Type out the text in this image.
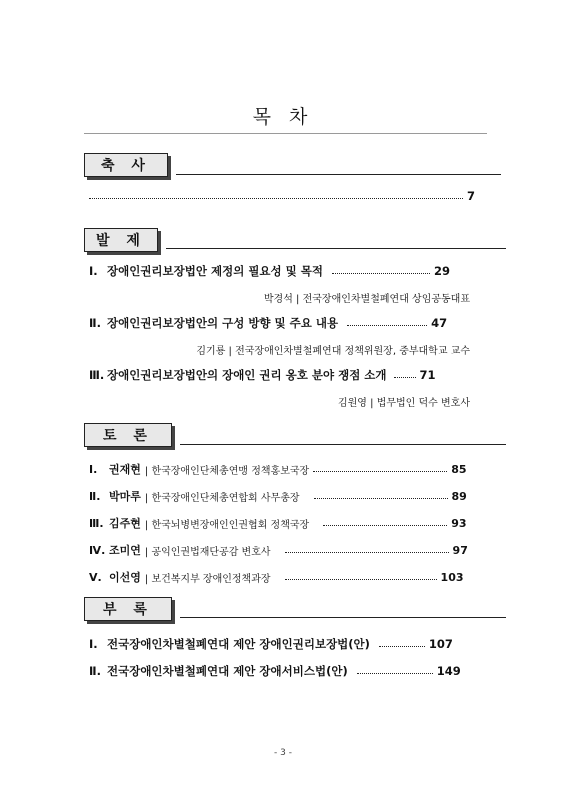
목 차
축 사
7
발 제
Ⅰ. 장애인권리보장법안 제정의 필요성 및 목적	29
박경석 | 전국장애인차별철폐연대 상임공동대표
Ⅱ. 장애인권리보장법안의 구성 방향 및 주요 내용	47
김기룡 | 전국장애인차별철폐연대 정책위원장, 중부대학교 교수
Ⅲ. 장애인권리보장법안의 장애인 권리 옹호 분야 쟁점 소개	71
김원영 | 법무법인 덕수 변호사
토 론
Ⅰ.	권재현 | 한국장애인단체총연맹 정책홍보국장	85
Ⅱ. 박마루 | 한국장애인단체총연합회 사무총장	89
Ⅲ. 김주현 | 한국뇌병변장애인인권협회 정책국장	93
Ⅳ. 조미연 | 공익인권법재단공감 변호사	97
Ⅴ. 이선영 | 보건복지부 장애인정책과장	103
부 록
Ⅰ. 전국장애인차별철폐연대 제안 장애인권리보장법(안)	107
Ⅱ. 전국장애인차별철폐연대 제안 장애서비스법(안)	149
- 3 -
